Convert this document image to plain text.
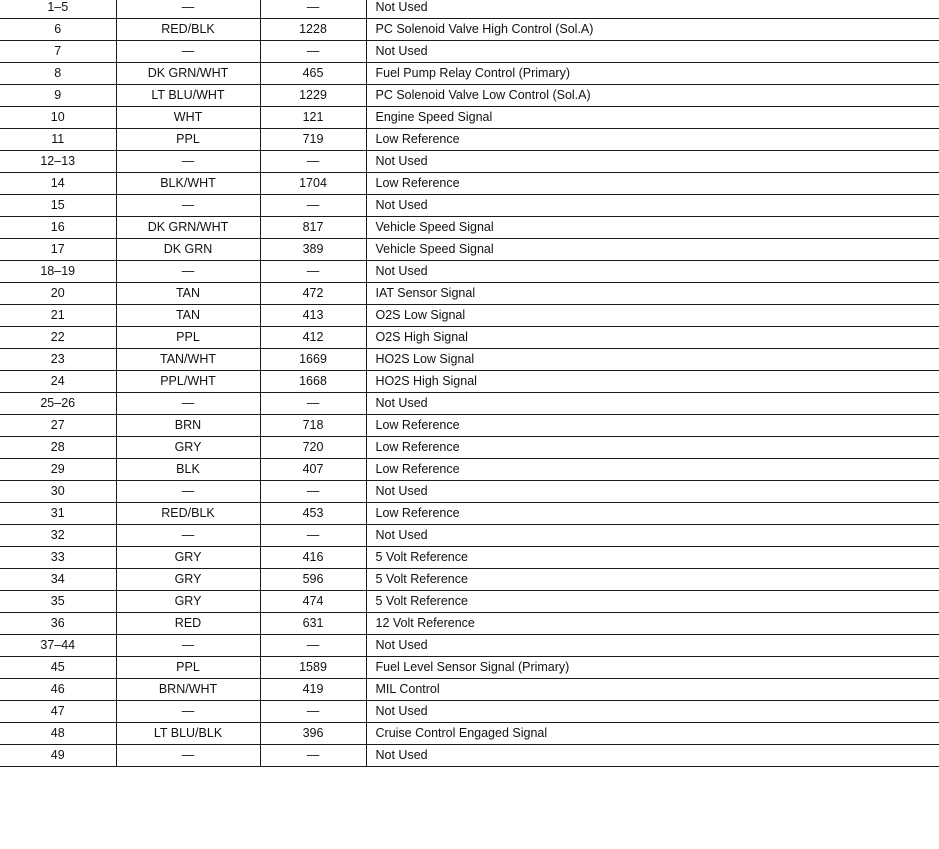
1–5	—	—	Not Used
6	RED/BLK	1228	PC Solenoid Valve High Control (Sol.A)
7	—	—	Not Used
8	DK GRN/WHT	465	Fuel Pump Relay Control (Primary)
9	LT BLU/WHT	1229	PC Solenoid Valve Low Control (Sol.A)
10	WHT	121	Engine Speed Signal
11	PPL	719	Low Reference
12–13	—	—	Not Used
14	BLK/WHT	1704	Low Reference
15	—	—	Not Used
16	DK GRN/WHT	817	Vehicle Speed Signal
17	DK GRN	389	Vehicle Speed Signal
18–19	—	—	Not Used
20	TAN	472	IAT Sensor Signal
21	TAN	413	O2S Low Signal
22	PPL	412	O2S High Signal
23	TAN/WHT	1669	HO2S Low Signal
24	PPL/WHT	1668	HO2S High Signal
25–26	—	—	Not Used
27	BRN	718	Low Reference
28	GRY	720	Low Reference
29	BLK	407	Low Reference
30	—	—	Not Used
31	RED/BLK	453	Low Reference
32	—	—	Not Used
33	GRY	416	5 Volt Reference
34	GRY	596	5 Volt Reference
35	GRY	474	5 Volt Reference
36	RED	631	12 Volt Reference
37–44	—	—	Not Used
45	PPL	1589	Fuel Level Sensor Signal (Primary)
46	BRN/WHT	419	MIL Control
47	—	—	Not Used
48	LT BLU/BLK	396	Cruise Control Engaged Signal
49	—	—	Not Used
